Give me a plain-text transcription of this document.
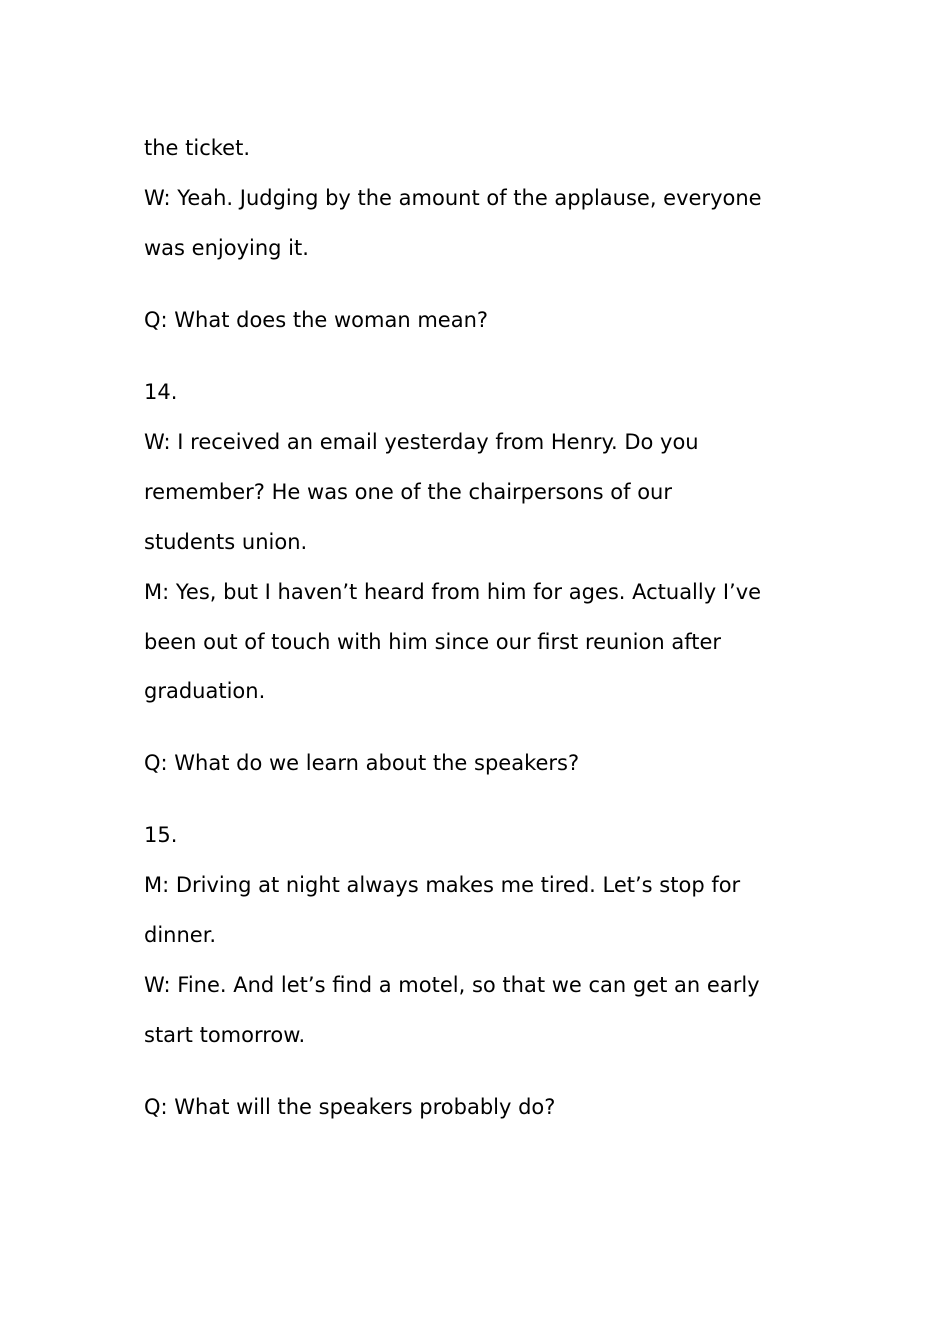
the ticket.
W: Yeah. Judging by the amount of the applause, everyone
was enjoying it.
Q: What does the woman mean?
14.
W: I received an email yesterday from Henry. Do you
remember? He was one of the chairpersons of our
students union.
M: Yes, but I haven’t heard from him for ages. Actually I’ve
been out of touch with him since our first reunion after
graduation.
Q: What do we learn about the speakers?
15.
M: Driving at night always makes me tired. Let’s stop for
dinner.
W: Fine. And let’s find a motel, so that we can get an early
start tomorrow.
Q: What will the speakers probably do?
